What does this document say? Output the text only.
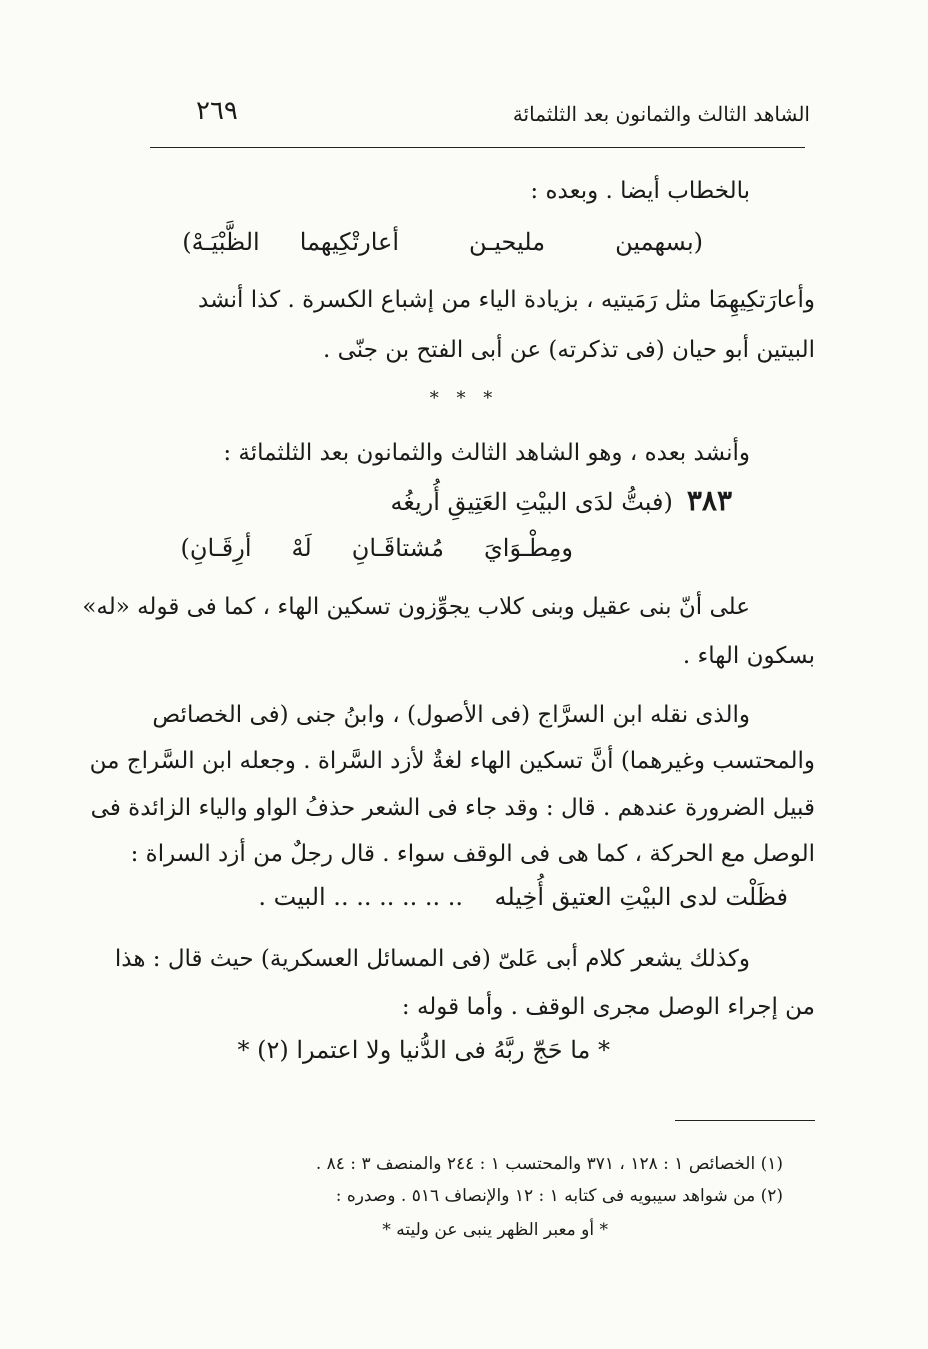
الشاهد الثالث والثمانون بعد الثلثمائة
٢٦٩
بالخطاب أيضا . وبعده :
(بسهمينمليحيـنأعارتْكِيهماالظَّبْيَـهْ)
وأعارَتكِيهِمَا مثل رَمَيتيه ، بزيادة الياء من إشباع الكسرة . كذا أنشد
البيتين أبو حيان (فى تذكرته) عن أبى الفتح بن جنّى .
* * *
وأنشد بعده ، وهو الشاهد الثالث والثمانون بعد الثلثمائة :
٣٨٣(فبتُّ لدَى البيْتِ العَتِيقِ أُريغُه
ومِطْـوَايَمُشتاقَـانِلَهْأرِقَـانِ)
على أنّ بنى عقيل وبنى كلاب يجوِّزون تسكين الهاء ، كما فى قوله «له»
بسكون الهاء .
والذى نقله ابن السرَّاج (فى الأصول) ، وابنُ جنى (فى الخصائص
والمحتسب وغيرهما) أنَّ تسكين الهاء لغةٌ لأزد السَّراة . وجعله ابن السَّراج من
قبيل الضرورة عندهم . قال : وقد جاء فى الشعر حذفُ الواو والياء الزائدة فى
الوصل مع الحركة ، كما هى فى الوقف سواء . قال رجلٌ من أزد السراة :
فظَلْت لدى البيْتِ العتيق أُخِيله
.. .. .. .. .. .. البيت .
وكذلك يشعر كلام أبى عَلىّ (فى المسائل العسكرية) حيث قال : هذا
من إجراء الوصل مجرى الوقف . وأما قوله :
* ما حَجّ ربَّهُ فى الدُّنيا ولا اعتمرا (٢) *
(١) الخصائص ١ : ١٢٨ ، ٣٧١ والمحتسب ١ : ٢٤٤ والمنصف ٣ : ٨٤ .
(٢) من شواهد سيبويه فى كتابه ١ : ١٢ والإنصاف ٥١٦ . وصدره :
* أو معبر الظهر ينبى عن وليته *
